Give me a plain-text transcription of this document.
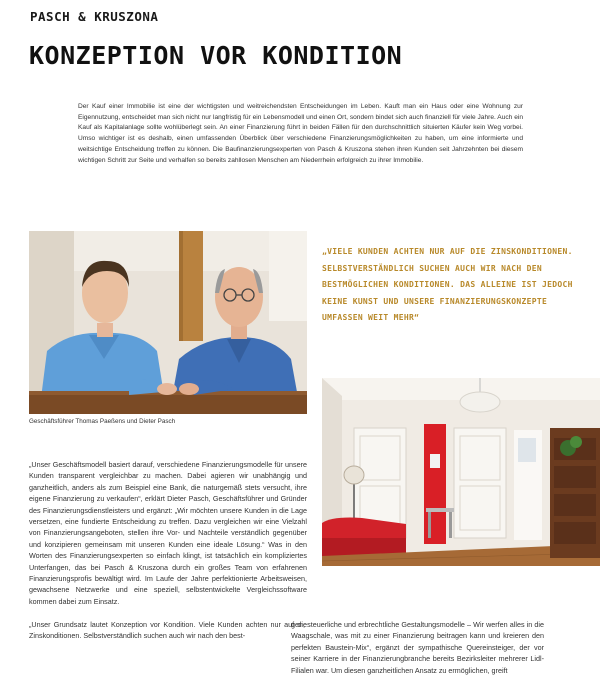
PASCH & KRUSZONA
KONZEPTION VOR KONDITION
Der Kauf einer Immobilie ist eine der wichtigsten und weitreichendsten Entscheidungen im Leben. Kauft man ein Haus oder eine Wohnung zur Eigennutzung, entscheidet man sich nicht nur langfristig für ein Lebensmodell und einen Ort, sondern bindet sich auch finanziell für viele Jahre. Auch ein Kauf als Kapitalanlage sollte wohlüberlegt sein. An einer Finanzierung führt in beiden Fällen für den durchschnittlich situierten Käufer kein Weg vorbei. Umso wichtiger ist es deshalb, einen umfassenden Überblick über verschiedene Finanzierungsmöglichkeiten zu haben, um eine informierte und weitsichtige Entscheidung treffen zu können. Die Baufinanzierungsexperten von Pasch & Kruszona stehen ihren Kunden seit Jahrzehnten bei diesem wichtigen Schritt zur Seite und verhalfen so bereits zahllosen Menschen am Niederrhein erfolgreich zu ihrer Immobilie.
„VIELE KUNDEN ACHTEN NUR AUF DIE ZINSKONDITIONEN. SELBSTVERSTÄNDLICH SUCHEN AUCH WIR NACH DEN BESTMÖGLICHEN KONDITIONEN. DAS ALLEINE IST JEDOCH KEINE KUNST UND UNSERE FINANZIERUNGSKONZEPTE UMFASSEN WEIT MEHR“
Geschäftsführer Thomas Paeßens und Dieter Pasch

„Unser Geschäftsmodell basiert darauf, verschiedene Finanzierungsmodelle für unsere Kunden transparent vergleichbar zu machen. Dabei agieren wir unabhängig und ganzheitlich, anders als zum Beispiel eine Bank, die naturgemäß stets versucht, ihre eigene Finanzierung zu verkaufen“, erklärt Dieter Pasch, Geschäftsführer und Gründer des Finanzierungsdienstleisters und ergänzt: „Wir möchten unsere Kunden in die Lage versetzen, eine fundierte Entscheidung zu treffen. Dazu vergleichen wir eine Vielzahl von Finanzierungsangeboten, stellen ihre Vor- und Nachteile verständlich gegenüber und konzipieren gemeinsam mit unseren Kunden eine ideale Lösung.“ Was in den Worten des Finanzierungsexperten so einfach klingt, ist tatsächlich ein kompliziertes Unterfangen, das bei Pasch & Kruszona durch ein großes Team von erfahrenen Finanzierungsprofis bewältigt wird. Im Laufe der Jahre perfektionierte Arbeitsweisen, gewachsene Netzwerke und eine speziell, selbstentwickelte Vergleichssoftware kommen dabei zum Einsatz.

„Unser Grundsatz lautet Konzeption vor Kondition. Viele Kunden achten nur auf die Zinskonditionen. Selbstverständlich suchen auch wir nach den best-

gen, steuerliche und erbrechtliche Gestaltungsmodelle – Wir werfen alles in die Waagschale, was mit zu einer Finanzierung beitragen kann und kreieren den perfekten Baustein-Mix“, ergänzt der sympathische Quereinsteiger, der vor seiner Karriere in der Finanzierungbranche bereits Bezirksleiter mehrerer Lidl-Filialen war. Um diesen ganzheitlichen Ansatz zu ermöglichen, greift
